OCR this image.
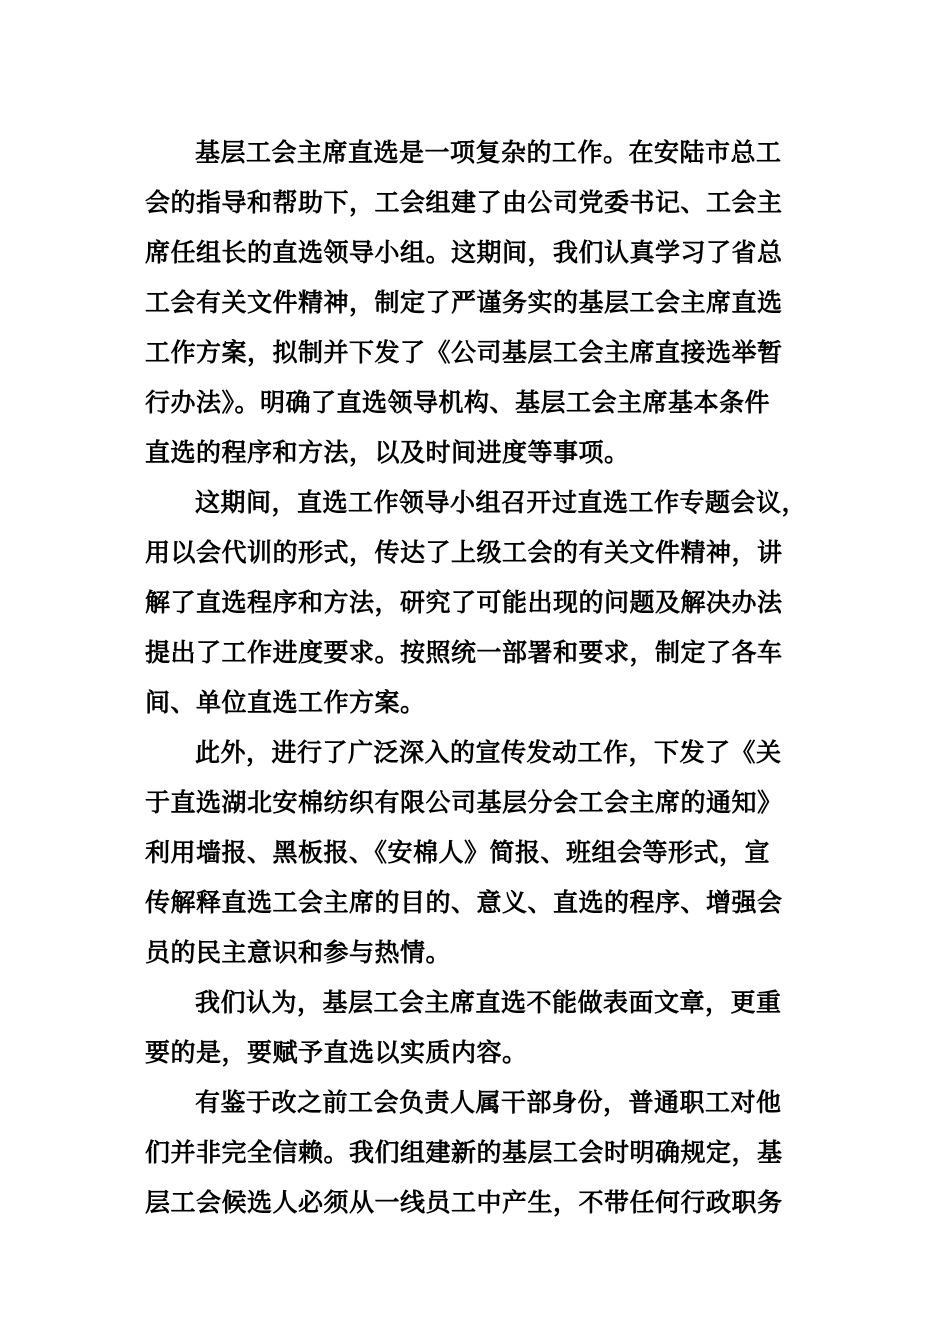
基层工会主席直选是一项复杂的工作。在安陆市总工
会的指导和帮助下，工会组建了由公司党委书记、工会主
席任组长的直选领导小组。这期间，我们认真学习了省总
工会有关文件精神，制定了严谨务实的基层工会主席直选
工作方案，拟制并下发了《公司基层工会主席直接选举暂
行办法》。明确了直选领导机构、基层工会主席基本条件
直选的程序和方法，以及时间进度等事项。
这期间，直选工作领导小组召开过直选工作专题会议，
用以会代训的形式，传达了上级工会的有关文件精神，讲
解了直选程序和方法，研究了可能出现的问题及解决办法
提出了工作进度要求。按照统一部署和要求，制定了各车
间、单位直选工作方案。
此外，进行了广泛深入的宣传发动工作，下发了《关
于直选湖北安棉纺织有限公司基层分会工会主席的通知》
利用墙报、黑板报、《安棉人》简报、班组会等形式，宣
传解释直选工会主席的目的、意义、直选的程序、增强会
员的民主意识和参与热情。
我们认为，基层工会主席直选不能做表面文章，更重
要的是，要赋予直选以实质内容。
有鉴于改之前工会负责人属干部身份，普通职工对他
们并非完全信赖。我们组建新的基层工会时明确规定，基
层工会候选人必须从一线员工中产生，不带任何行政职务
